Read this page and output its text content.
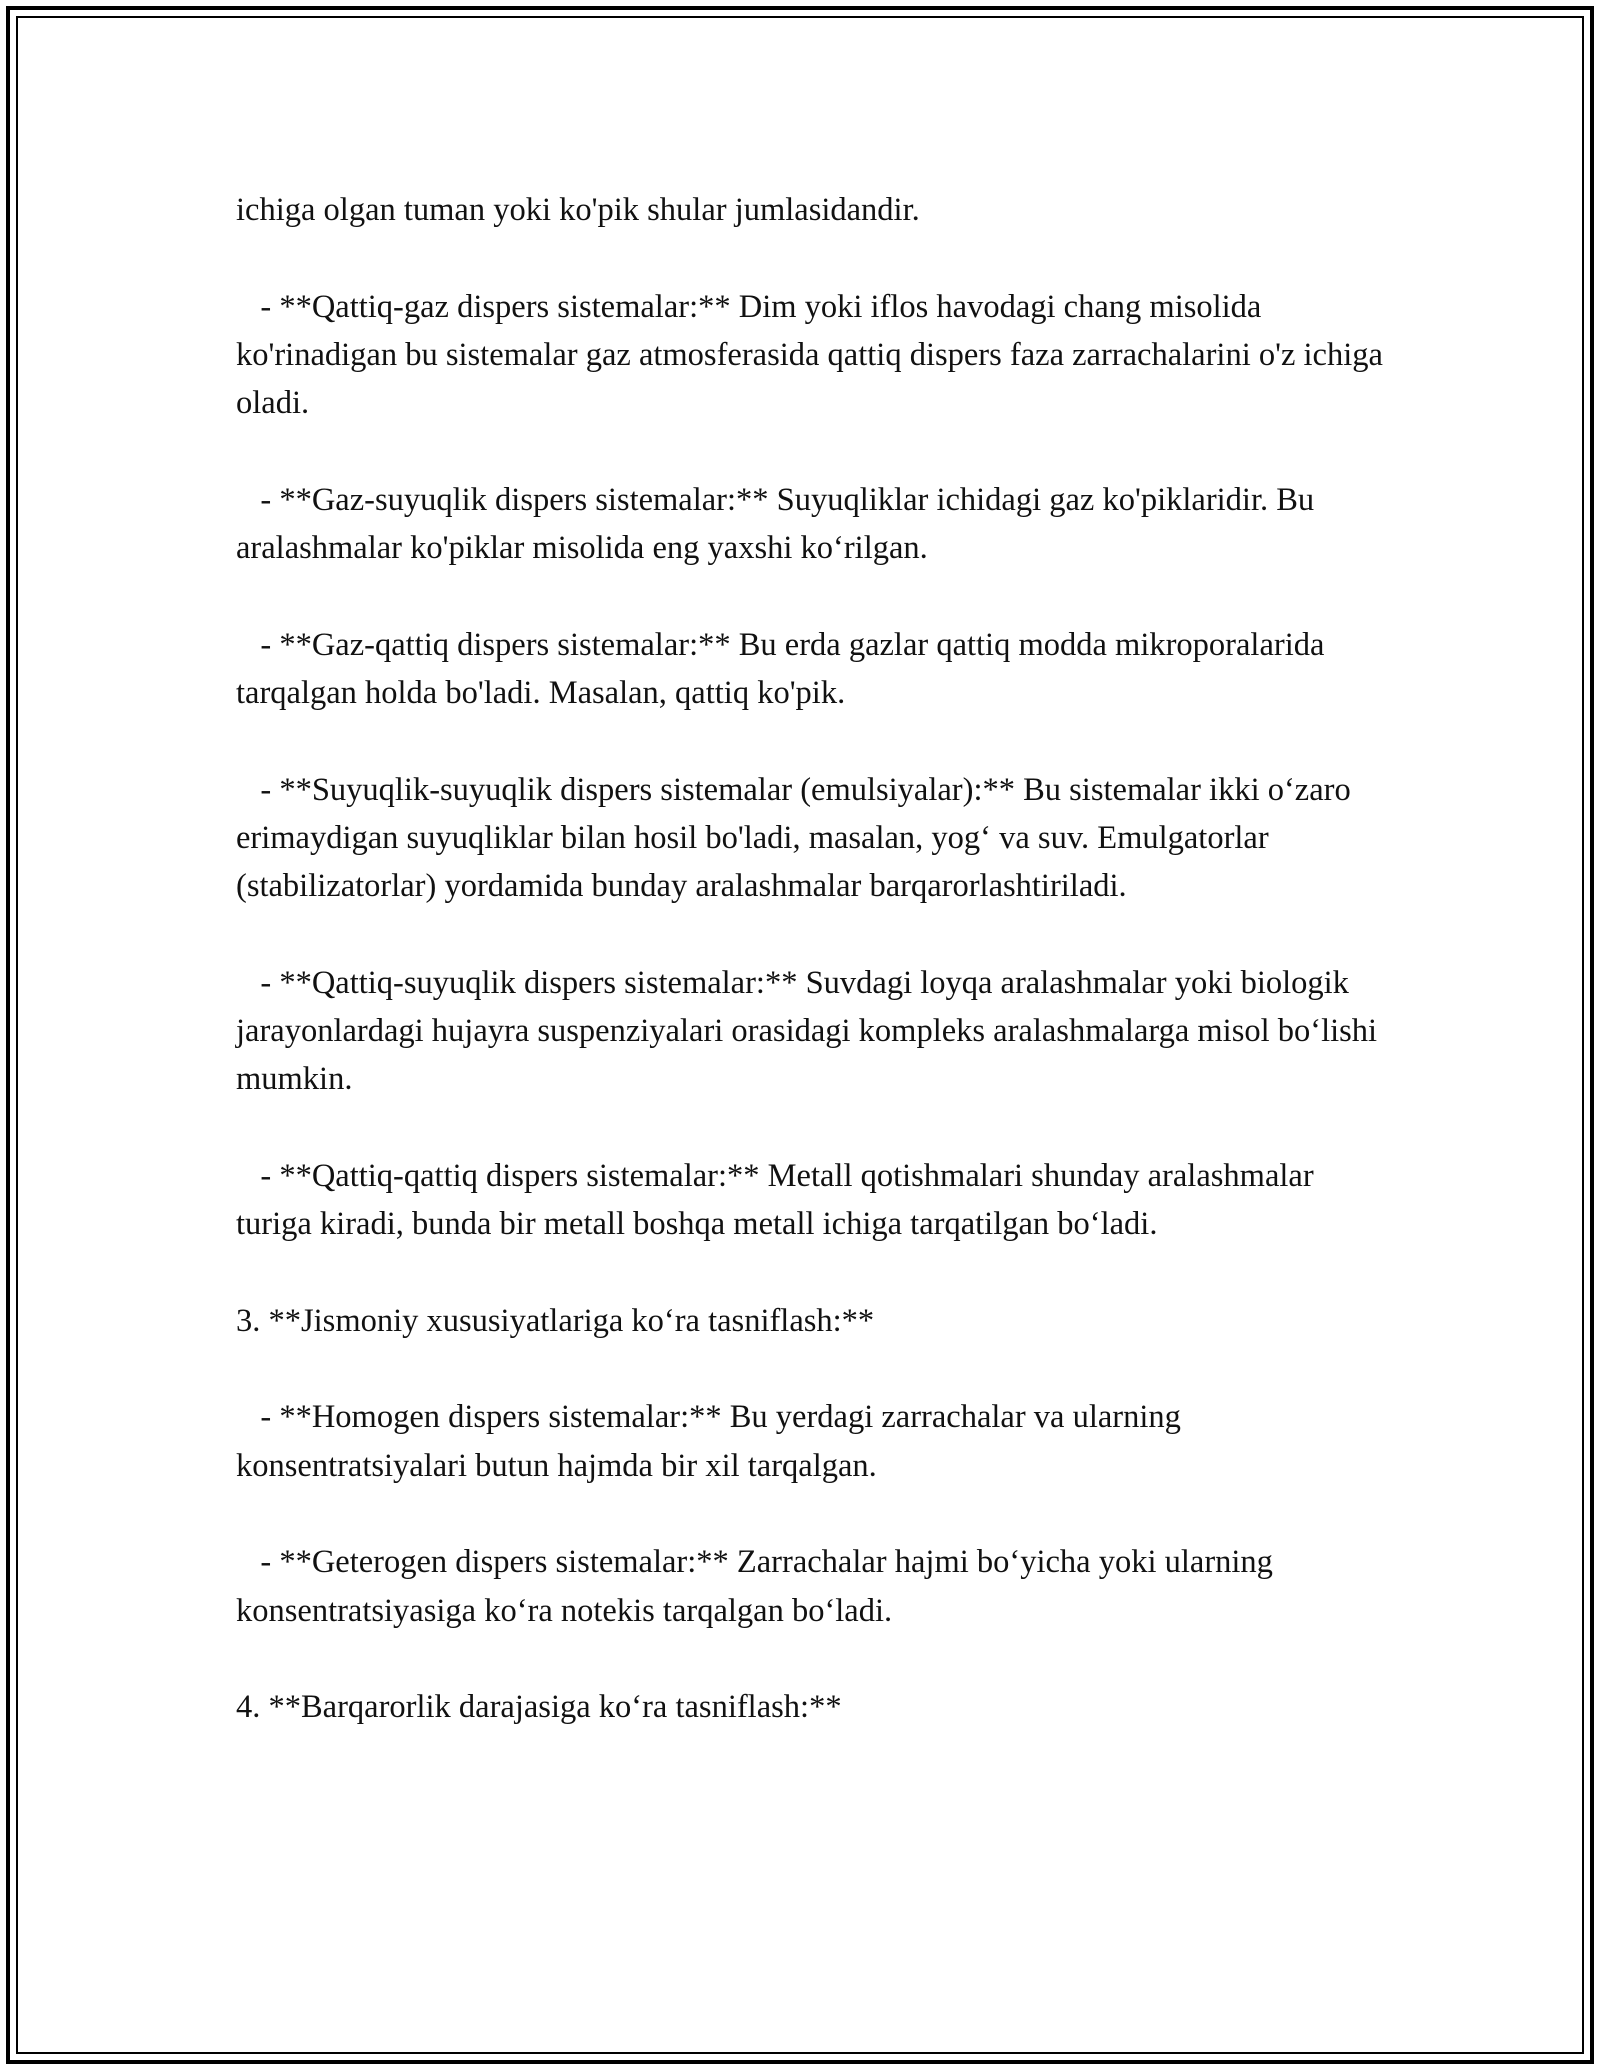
ichiga olgan tuman yoki ko'pik shular jumlasidandir.

- **Qattiq-gaz dispers sistemalar:** Dim yoki iflos havodagi chang misolida ko'rinadigan bu sistemalar gaz atmosferasida qattiq dispers faza zarrachalarini o'z ichiga oladi.

- **Gaz-suyuqlik dispers sistemalar:** Suyuqliklar ichidagi gaz ko'piklaridir. Bu aralashmalar ko'piklar misolida eng yaxshi ko‘rilgan.

- **Gaz-qattiq dispers sistemalar:** Bu erda gazlar qattiq modda mikroporalarida tarqalgan holda bo'ladi. Masalan, qattiq ko'pik.

- **Suyuqlik-suyuqlik dispers sistemalar (emulsiyalar):** Bu sistemalar ikki o‘zaro erimaydigan suyuqliklar bilan hosil bo'ladi, masalan, yog‘ va suv. Emulgatorlar (stabilizatorlar) yordamida bunday aralashmalar barqarorlashtiriladi.

- **Qattiq-suyuqlik dispers sistemalar:** Suvdagi loyqa aralashmalar yoki biologik jarayonlardagi hujayra suspenziyalari orasidagi kompleks aralashmalarga misol bo‘lishi mumkin.

- **Qattiq-qattiq dispers sistemalar:** Metall qotishmalari shunday aralashmalar turiga kiradi, bunda bir metall boshqa metall ichiga tarqatilgan bo‘ladi.

3. **Jismoniy xususiyatlariga ko‘ra tasniflash:**

- **Homogen dispers sistemalar:** Bu yerdagi zarrachalar va ularning konsentratsiyalari butun hajmda bir xil tarqalgan.

- **Geterogen dispers sistemalar:** Zarrachalar hajmi bo‘yicha yoki ularning konsentratsiyasiga ko‘ra notekis tarqalgan bo‘ladi.

4. **Barqarorlik darajasiga ko‘ra tasniflash:**
